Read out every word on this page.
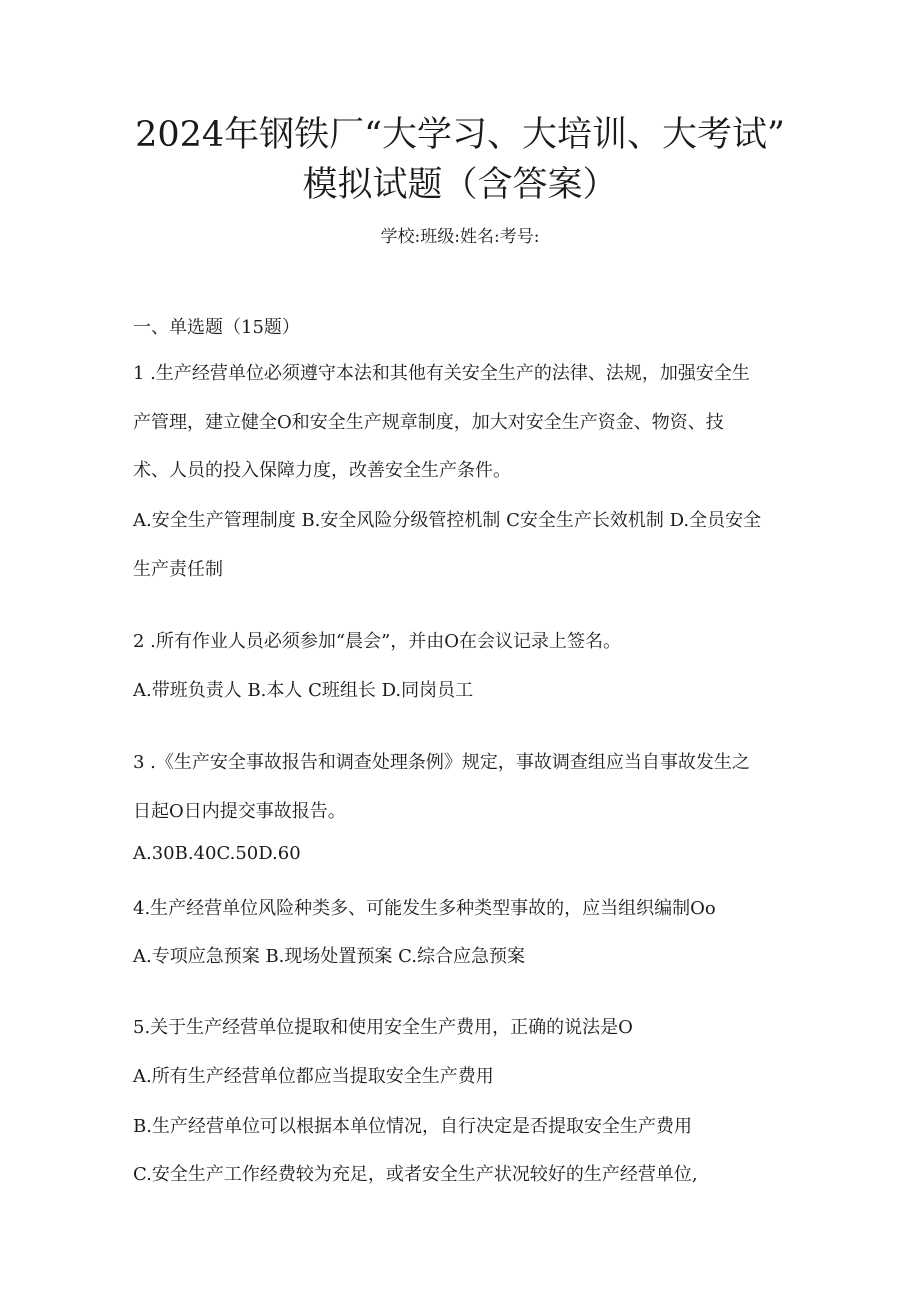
2024年钢铁厂“大学习、大培训、大考试”
模拟试题（含答案）
学校:班级:姓名:考号:
一、单选题（15题）
1 .生产经营单位必须遵守本法和其他有关安全生产的法律、法规，加强安全生
产管理，建立健全O和安全生产规章制度，加大对安全生产资金、物资、技
术、人员的投入保障力度，改善安全生产条件。
A.安全生产管理制度 B.安全风险分级管控机制 C安全生产长效机制 D.全员安全
生产责任制
2 .所有作业人员必须参加“晨会”，并由O在会议记录上签名。
A.带班负责人 B.本人 C班组长 D.同岗员工
3 .《生产安全事故报告和调查处理条例》规定，事故调查组应当自事故发生之
日起O日内提交事故报告。
A.30B.40C.50D.60
4.生产经营单位风险种类多、可能发生多种类型事故的，应当组织编制Oo
A.专项应急预案 B.现场处置预案 C.综合应急预案
5.关于生产经营单位提取和使用安全生产费用，正确的说法是O
A.所有生产经营单位都应当提取安全生产费用
B.生产经营单位可以根据本单位情况，自行决定是否提取安全生产费用
C.安全生产工作经费较为充足，或者安全生产状况较好的生产经营单位,
